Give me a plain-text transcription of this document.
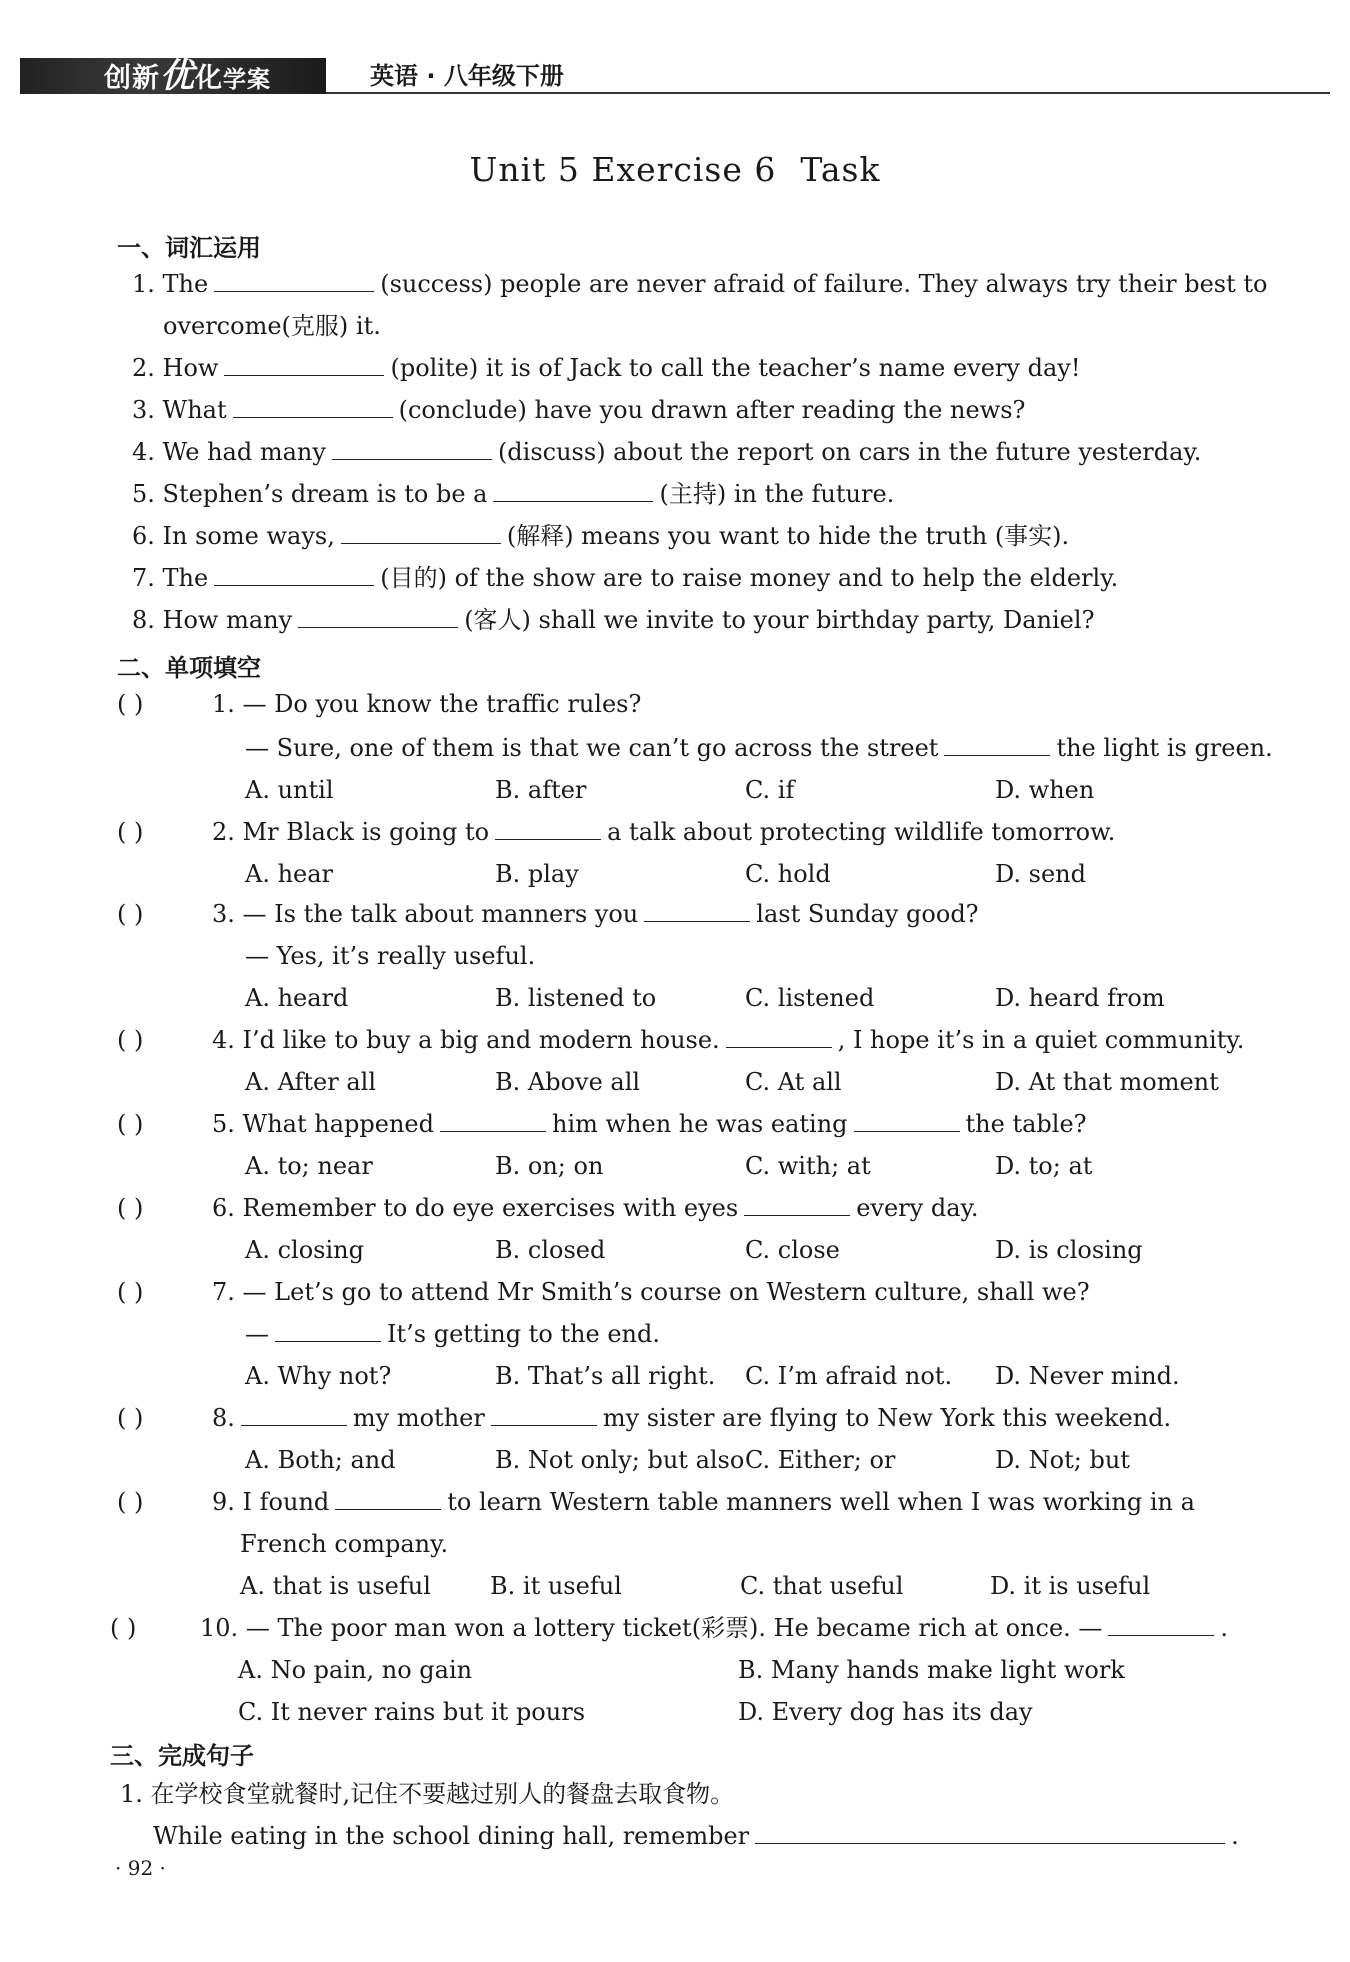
创新优化学案	英语 · 八年级下册
Unit 5 Exercise 6 Task
一、词汇运用
1. The	(success) people are never afraid of failure. They always try their best to
overcome(克服) it.
2. How	(polite) it is of Jack to call the teacher’s name every day!
3. What	(conclude) have you drawn after reading the news?
4. We had many	(discuss) about the report on cars in the future yesterday.
5. Stephen’s dream is to be a	(主持) in the future.
6. In some ways,	(解释) means you want to hide the truth (事实).
7. The	(目的) of the show are to raise money and to help the elderly.
8. How many	(客人) shall we invite to your birthday party, Daniel?
二、单项填空
( )	1. — Do you know the traffic rules?
— Sure, one of them is that we can’t go across the street	the light is green.
A. until	B. after	C. if	D. when
( )	2. Mr Black is going to	a talk about protecting wildlife tomorrow.
A. hear	B. play	C. hold	D. send
( )	3. — Is the talk about manners you	last Sunday good?
— Yes, it’s really useful.
A. heard	B. listened to	C. listened	D. heard from
( )	4. I’d like to buy a big and modern house.	, I hope it’s in a quiet community.
A. After all	B. Above all	C. At all	D. At that moment
( )	5. What happened	him when he was eating	the table?
A. to; near	B. on; on	C. with; at	D. to; at
( )	6. Remember to do eye exercises with eyes	every day.
A. closing	B. closed	C. close	D. is closing
( )	7. — Let’s go to attend Mr Smith’s course on Western culture, shall we?
—	It’s getting to the end.
A. Why not?	B. That’s all right. C. I’m afraid not. D. Never mind.
( )	8.	my mother	my sister are flying to New York this weekend.
A. Both; and	B. Not only; but also C. Either; or	D. Not; but
( )	9. I found	to learn Western table manners well when I was working in a
French company.
A. that is useful B. it useful	C. that useful	D. it is useful
( )	10. — The poor man won a lottery ticket(彩票). He became rich at once. —	.
A. No pain, no gain	B. Many hands make light work
C. It never rains but it pours	D. Every dog has its day
三、完成句子
1. 在学校食堂就餐时,记住不要越过别人的餐盘去取食物。
While eating in the school dining hall, remember	.
· 92 ·
